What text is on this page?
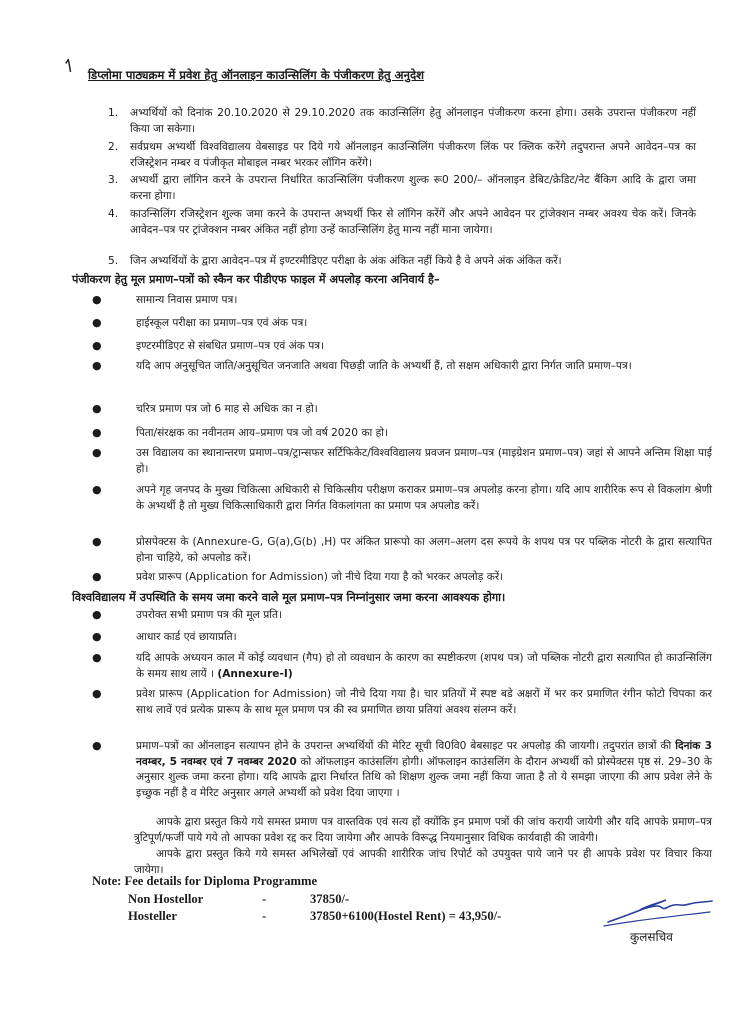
↿ डिप्लोमा पाठ्यक्रम में प्रवेश हेतु ऑनलाइन काउन्सिलिंग के पंजीकरण हेतु अनुदेश
1.	अभ्यर्थियों को दिनांक 20.10.2020 से 29.10.2020 तक काउन्सिलिंग हेतु ऑनलाइन पंजीकरण करना होगा। उसके उपरान्त पंजीकरण नहीं किया जा सकेगा।
2.	सर्वप्रथम अभ्यर्थी विश्वविद्यालय वेबसाइड पर दिये गये ऑनलाइन काउन्सिलिंग पंजीकरण लिंक पर क्लिक करेंगे तदुपरान्त अपने आवेदन–पत्र का रजिस्ट्रेशन नम्बर व पंजीकृत मोबाइल नम्बर भरकर लॉगिन करेंगे।
3.	अभ्यर्थी द्वारा लॉगिन करने के उपरान्त निर्धारित काउन्सिलिंग पंजीकरण शुल्क रू0 200/– ऑनलाइन डेबिट/क्रेडिट/नेट बैंकिग आदि के द्वारा जमा करना होगा।
4.	काउन्सिलिंग रजिस्ट्रेशन शुल्क जमा करने के उपरान्त अभ्यर्थी फिर से लॉगिन करेंगें और अपने आवेदन पर ट्रांजेक्शन नम्बर अवश्य चेक करें। जिनके आवेदन–पत्र पर ट्रांजेक्शन नम्बर अंकित नहीं होगा उन्हें काउन्सिलिंग हेतु मान्य नहीं माना जायेगा।
5.	जिन अभ्यर्थियों के द्वारा आवेदन–पत्र में इण्टरमीडिएट परीक्षा के अंक अंकित नहीं किये है वे अपने अंक अंकित करें।
पंजीकरण हेतु मूल प्रमाण–पत्रों को स्कैन कर पीडीएफ फाइल में अपलोड़ करना अनिवार्य है–
●	सामान्य निवास प्रमाण पत्र।
●	हाईस्कूल परीक्षा का प्रमाण–पत्र एवं अंक पत्र।
●	इण्टरमीडिएट से संबधित प्रमाण–पत्र एवं अंक पत्र।
●	यदि आप अनुसूचित जाति/अनुसूचित जनजाति अथवा पिछड़ी जाति के अभ्यर्थी हैं, तो सक्षम अधिकारी द्वारा निर्गत जाति प्रमाण–पत्र।
●	चरित्र प्रमाण पत्र जो 6 माह से अधिक का न हो।
●	पिता/संरक्षक का नवीनतम आय–प्रमाण पत्र जो वर्ष 2020 का हो।
●	उस विद्यालय का स्थानान्तरण प्रमाण–पत्र/ट्रान्सफर सर्टिफिकेट/विश्वविद्यालय प्रवजन प्रमाण–पत्र (माइग्रेशन प्रमाण–पत्र) जहां से आपने अन्तिम शिक्षा पाई हो।
●	अपने गृह जनपद के मुख्य चिकित्सा अधिकारी से चिकित्सीय परीक्षण कराकर प्रमाण–पत्र अपलोड़ करना होगा। यदि आप शारीरिक रूप से विकलांग श्रेणी के अभ्यर्थी है तो मुख्य चिकित्साधिकारी द्वारा निर्गत विकलांगता का प्रमाण पत्र अपलोड करें।
●	प्रोसपेक्टस के (Annexure-G, G(a),G(b) ,H) पर अंकित प्रारूपो का अलग–अलग दस रूपये के शपथ पत्र पर पब्लिक नोटरी के द्वारा सत्यापित होना चाहिये, को अपलोड करें।
●	प्रवेश प्रारूप (Application for Admission) जो नीचे दिया गया है को भरकर अपलोड़ करें।
विश्वविद्यालय में उपस्थिति के समय जमा करने वाले मूल प्रमाण–पत्र निम्नांनुसार जमा करना आवश्यक होगा।
●	उपरोक्त सभी प्रमाण पत्र की मूल प्रति।
●	आधार कार्ड एवं छायाप्रति।
●	यदि आपके अध्ययन काल में कोई व्यवधान (गैप) हो तो व्यवधान के कारण का स्पष्टीकरण (शपथ पत्र) जो पब्लिक नोटरी द्वारा सत्यापित हो काउन्सिलिंग के समय साथ लायें । (Annexure-I)
●	प्रवेश प्रारूप (Application for Admission) जो नीचे दिया गया है। चार प्रतियों में स्पष्ट बडे अक्षरों में भर कर प्रमाणित रंगीन फोटो चिपका कर साथ लावें एवं प्रत्येक प्रारूप के साथ मूल प्रमाण पत्र की स्व प्रमाणित छाया प्रतियां अवश्य संलग्न करें।
●	प्रमाण–पत्रों का ऑनलाइन सत्यापन होने के उपरान्त अभ्यर्थियों की मेरिट सूची वि0वि0 बेबसाइट पर अपलोड़ की जायगी। तदुपरांत छात्रों की दिनांक 3 नवम्बर, 5 नवम्बर एवं 7 नवम्बर 2020 को ऑफलाइन काउंसलिंग होगी। ऑफलाइन काउंसलिंग के दौरान अभ्यर्थी को प्रोस्पेक्टस पृष्ठ सं. 29–30 के अनुसार शुल्क जमा करना होगा। यदि आपके द्वारा निर्धारत तिथि को शिक्षण शुल्क जमा नहीं किया जाता है तो ये समझा जाएगा की आप प्रवेश लेने के इच्छुक नहीं है व मेरिट अनुसार अगले अभ्यर्थी को प्रवेश दिया जाएगा ।
आपके द्वारा प्रस्तुत किये गये समस्त प्रमाण पत्र वास्तविक एवं सत्य हों क्योंकि इन प्रमाण पत्रों की जांच करायी जायेगी और यदि आपके प्रमाण–पत्र त्रुटिपूर्ण/फर्जी पाये गये तो आपका प्रवेश रद्द कर दिया जायेगा और आपके विरूद्ध नियमानुसार विधिक कार्यवाही की जावेगी।
आपके द्वारा प्रस्तुत किये गये समस्त अभिलेखों एवं आपकी शारीरिक जांच रिपोर्ट को उपयुक्त पाये जाने पर ही आपके प्रवेश पर विचार किया जायेगा।
Note: Fee details for Diploma Programme
Non Hostellor	-	37850/-
Hosteller	-	37850+6100(Hostel Rent) = 43,950/-
कुलसचिव
